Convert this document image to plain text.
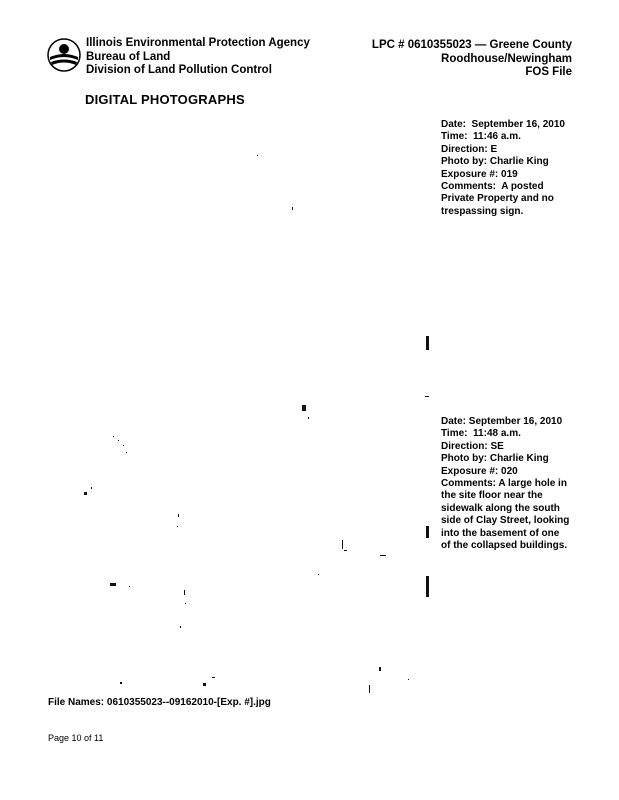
Illinois Environmental Protection Agency
Bureau of Land
Division of Land Pollution Control
LPC # 0610355023 — Greene County
Roodhouse/Newingham
FOS File
DIGITAL PHOTOGRAPHS
Date:  September 16, 2010
Time:  11:46 a.m.
Direction: E
Photo by: Charlie King
Exposure #: 019
Comments:  A posted Private Property and no trespassing sign.
Date: September 16, 2010
Time:  11:48 a.m.
Direction: SE
Photo by: Charlie King
Exposure #: 020
Comments: A large hole in the site floor near the sidewalk along the south side of Clay Street, looking into the basement of one of the collapsed buildings.
File Names: 0610355023--09162010-[Exp. #].jpg
Page 10 of 11
